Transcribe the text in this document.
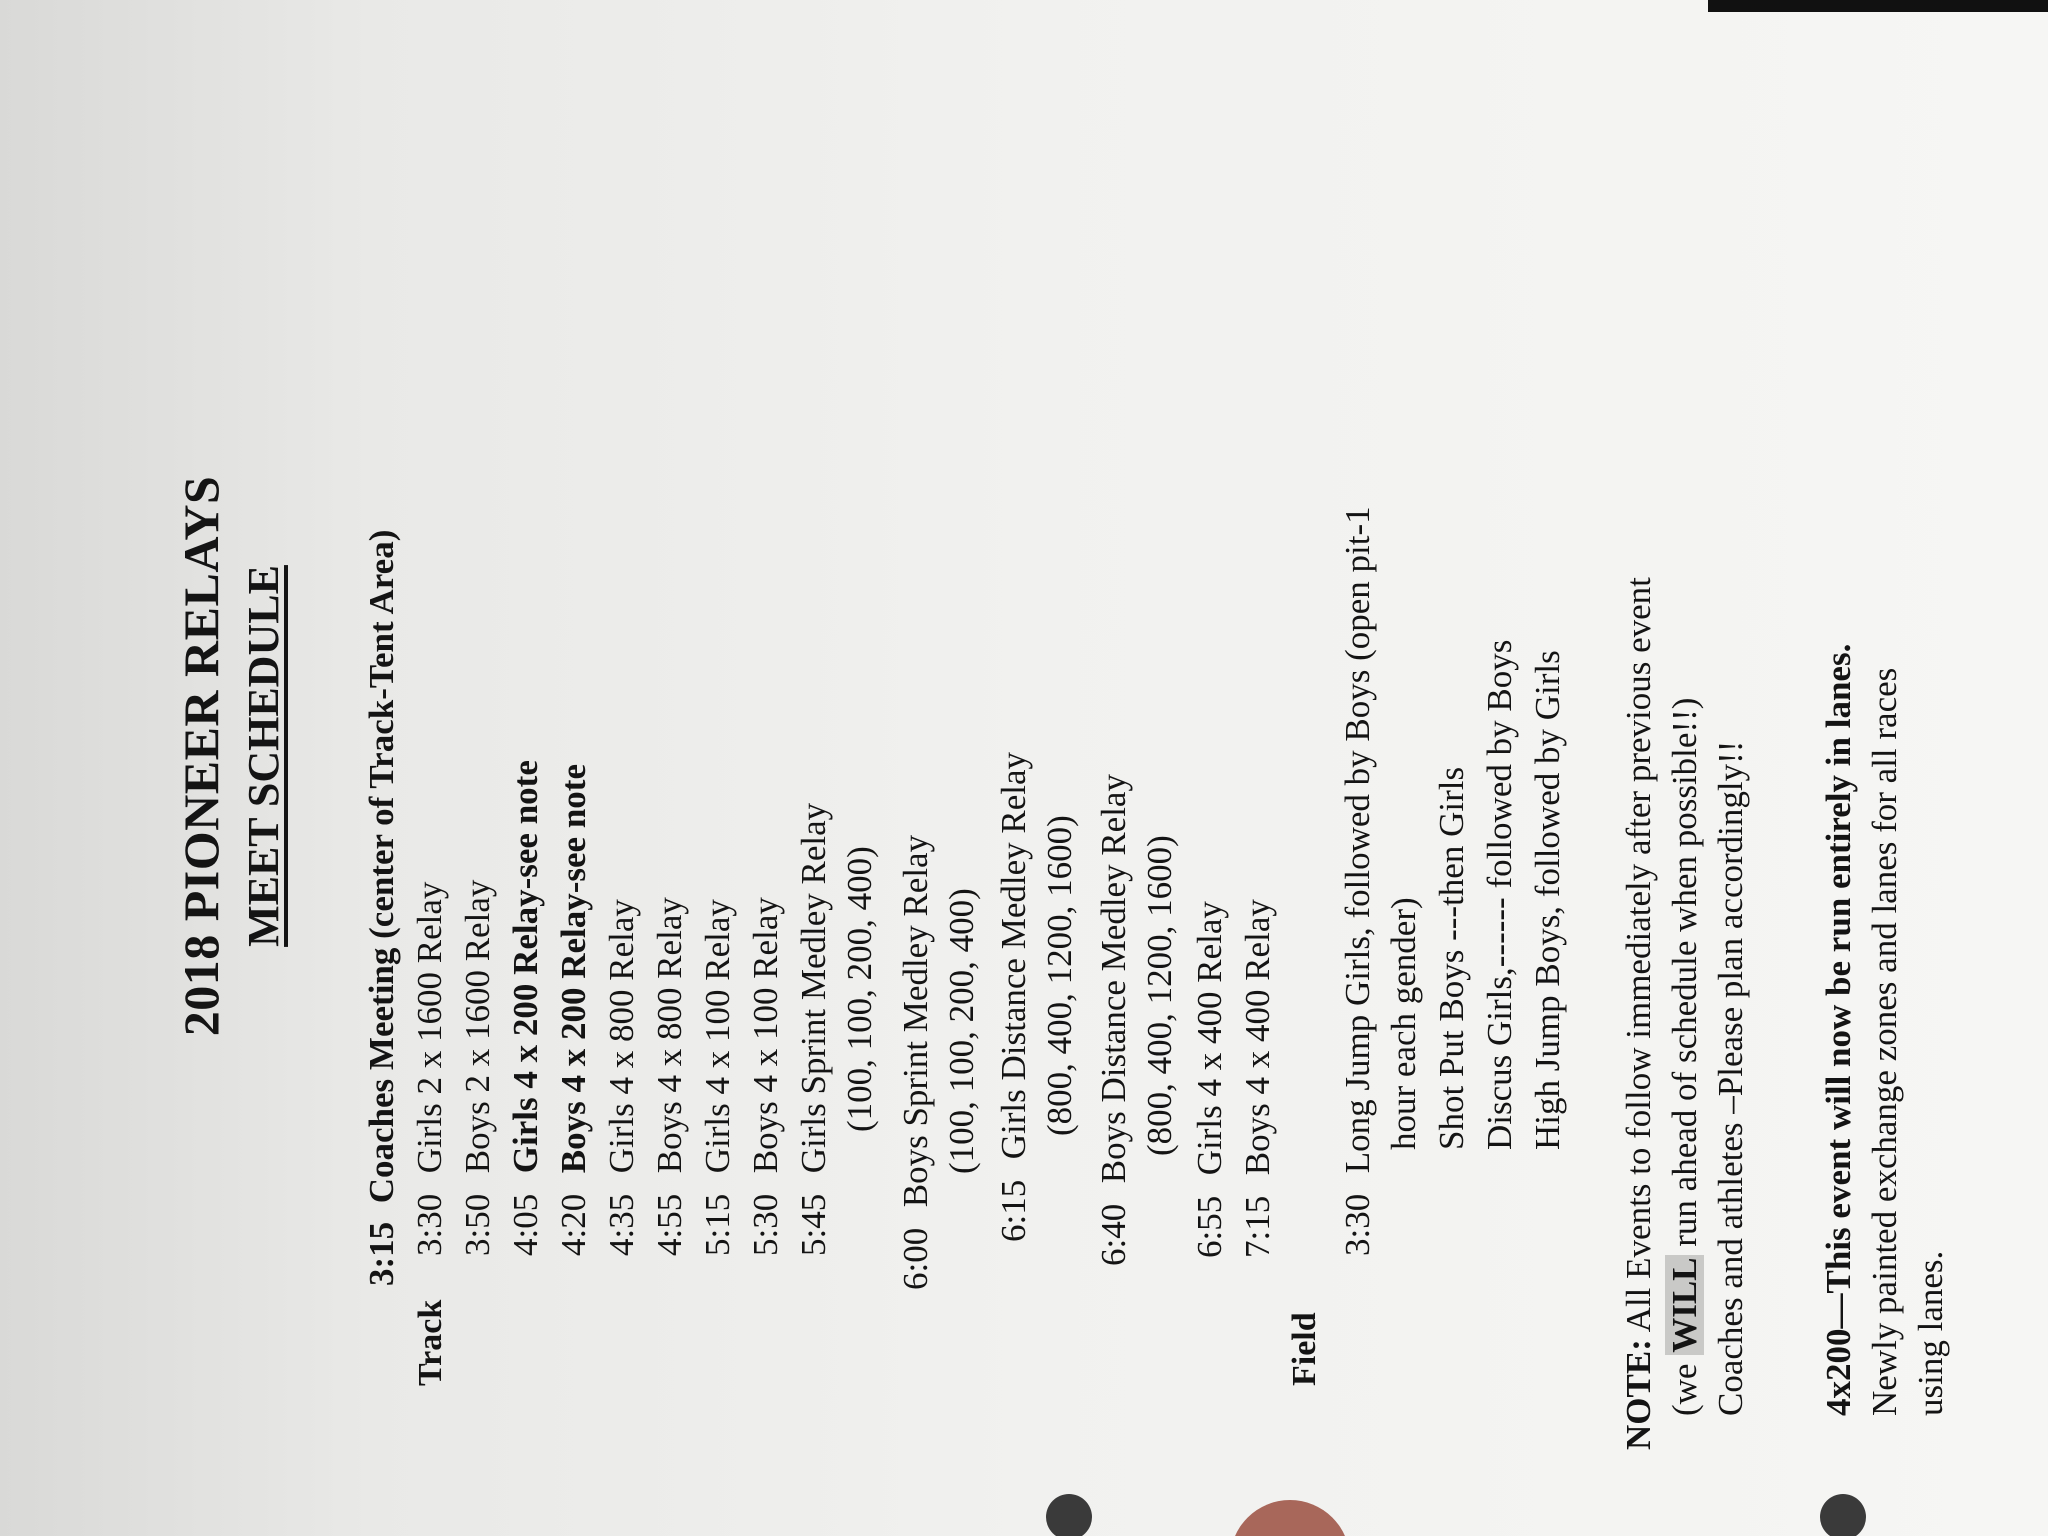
2018 PIONEER RELAYS MEET SCHEDULE
3:15 Coaches Meeting (center of Track-Tent Area)
Track
3:30 Girls 2 x 1600 Relay
3:50 Boys 2 x 1600 Relay
4:05 Girls 4 x 200 Relay-see note
4:20 Boys 4 x 200 Relay-see note
4:35 Girls 4 x 800 Relay
4:55 Boys 4 x 800 Relay
5:15 Girls 4 x 100 Relay
5:30 Boys 4 x 100 Relay
5:45 Girls Sprint Medley Relay (100, 100, 200, 400)
6:00 Boys Sprint Medley Relay (100, 100, 200, 400)
6:15 Girls Distance Medley Relay (800, 400, 1200, 1600)
6:40 Boys Distance Medley Relay (800, 400, 1200, 1600)
6:55 Girls 4 x 400 Relay
7:15 Boys 4 x 400 Relay
Field
3:30 Long Jump Girls, followed by Boys (open pit-1 hour each gender) Shot Put Boys ---then Girls Discus Girls,------ followed by Boys High Jump Boys, followed by Girls
NOTE: All Events to follow immediately after previous event
(we WILL run ahead of schedule when possible!!) Coaches and athletes –Please plan accordingly!! 4x200—This event will now be run entirely in lanes. Newly painted exchange zones and lanes for all races using lanes.
